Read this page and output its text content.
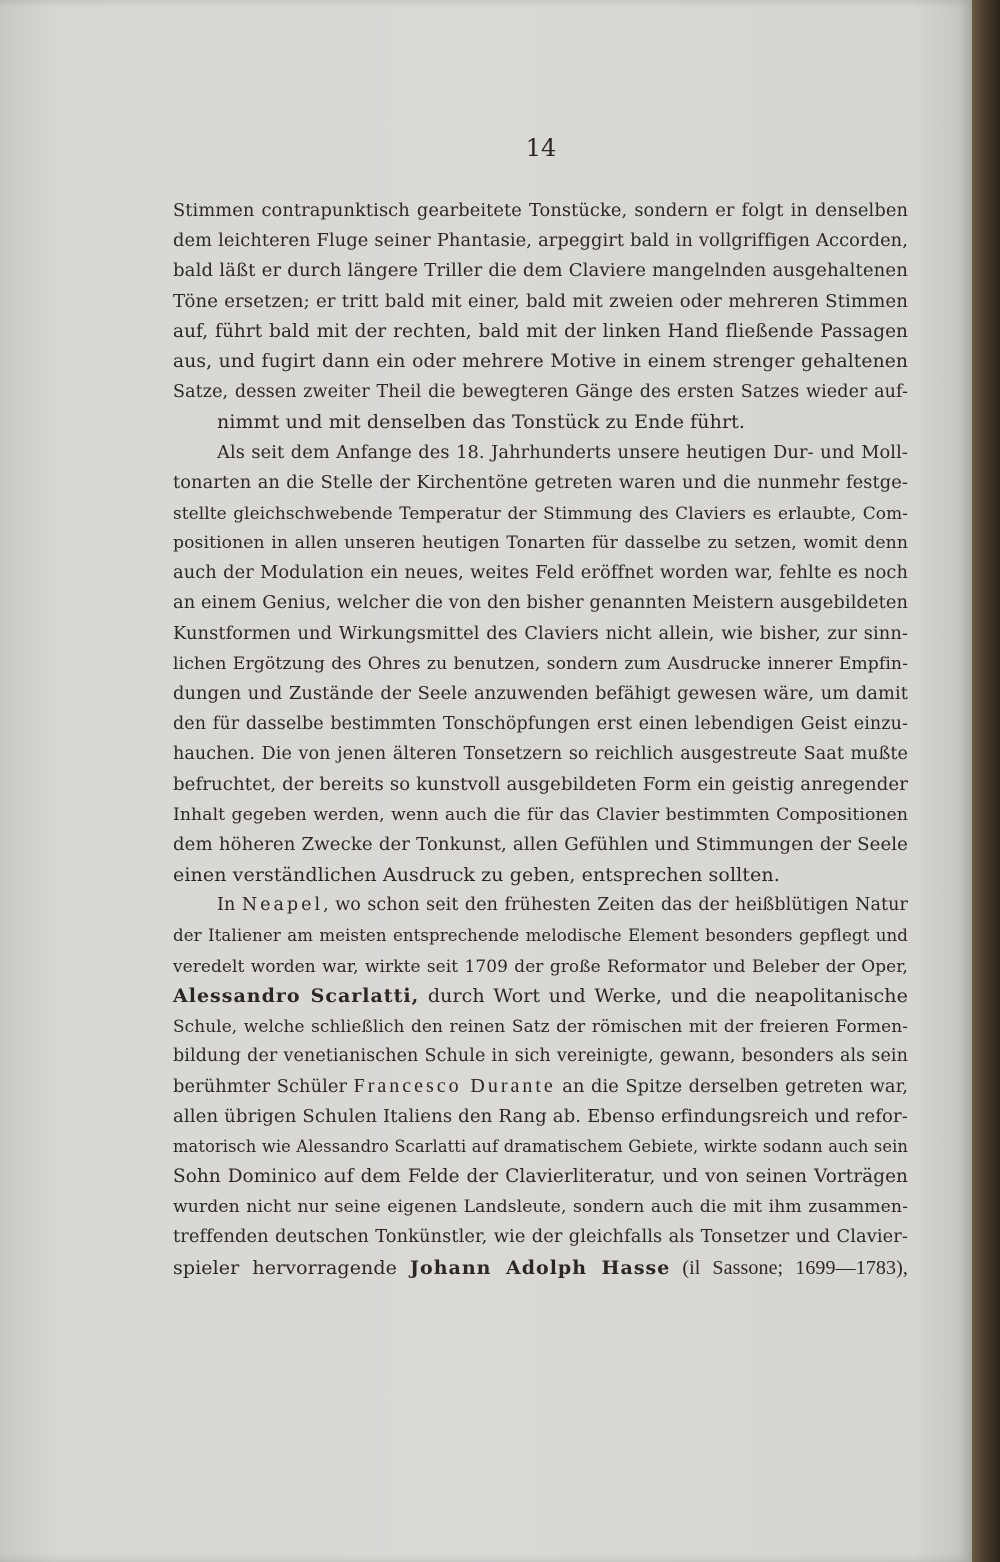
14
Stimmen contrapunktisch gearbeitete Tonstücke, sondern er folgt in denselben
dem leichteren Fluge seiner Phantasie, arpeggirt bald in vollgriffigen Accorden,
bald läßt er durch längere Triller die dem Claviere mangelnden ausgehaltenen
Töne ersetzen; er tritt bald mit einer, bald mit zweien oder mehreren Stimmen
auf, führt bald mit der rechten, bald mit der linken Hand fließende Passagen
aus, und fugirt dann ein oder mehrere Motive in einem strenger gehaltenen
Satze, dessen zweiter Theil die bewegteren Gänge des ersten Satzes wieder auf-
nimmt und mit denselben das Tonstück zu Ende führt.
Als seit dem Anfange des 18. Jahrhunderts unsere heutigen Dur- und Moll-
tonarten an die Stelle der Kirchentöne getreten waren und die nunmehr festge-
stellte gleichschwebende Temperatur der Stimmung des Claviers es erlaubte, Com-
positionen in allen unseren heutigen Tonarten für dasselbe zu setzen, womit denn
auch der Modulation ein neues, weites Feld eröffnet worden war, fehlte es noch
an einem Genius, welcher die von den bisher genannten Meistern ausgebildeten
Kunstformen und Wirkungsmittel des Claviers nicht allein, wie bisher, zur sinn-
lichen Ergötzung des Ohres zu benutzen, sondern zum Ausdrucke innerer Empfin-
dungen und Zustände der Seele anzuwenden befähigt gewesen wäre, um damit
den für dasselbe bestimmten Tonschöpfungen erst einen lebendigen Geist einzu-
hauchen. Die von jenen älteren Tonsetzern so reichlich ausgestreute Saat mußte
befruchtet, der bereits so kunstvoll ausgebildeten Form ein geistig anregender
Inhalt gegeben werden, wenn auch die für das Clavier bestimmten Compositionen
dem höheren Zwecke der Tonkunst, allen Gefühlen und Stimmungen der Seele
einen verständlichen Ausdruck zu geben, entsprechen sollten.
In Neapel, wo schon seit den frühesten Zeiten das der heißblütigen Natur
der Italiener am meisten entsprechende melodische Element besonders gepflegt und
veredelt worden war, wirkte seit 1709 der große Reformator und Beleber der Oper,
Alessandro Scarlatti, durch Wort und Werke, und die neapolitanische
Schule, welche schließlich den reinen Satz der römischen mit der freieren Formen-
bildung der venetianischen Schule in sich vereinigte, gewann, besonders als sein
berühmter Schüler Francesco Durante an die Spitze derselben getreten war,
allen übrigen Schulen Italiens den Rang ab. Ebenso erfindungsreich und refor-
matorisch wie Alessandro Scarlatti auf dramatischem Gebiete, wirkte sodann auch sein
Sohn Dominico auf dem Felde der Clavierliteratur, und von seinen Vorträgen
wurden nicht nur seine eigenen Landsleute, sondern auch die mit ihm zusammen-
treffenden deutschen Tonkünstler, wie der gleichfalls als Tonsetzer und Clavier-
spieler hervorragende Johann Adolph Hasse (il Sassone; 1699—1783),
